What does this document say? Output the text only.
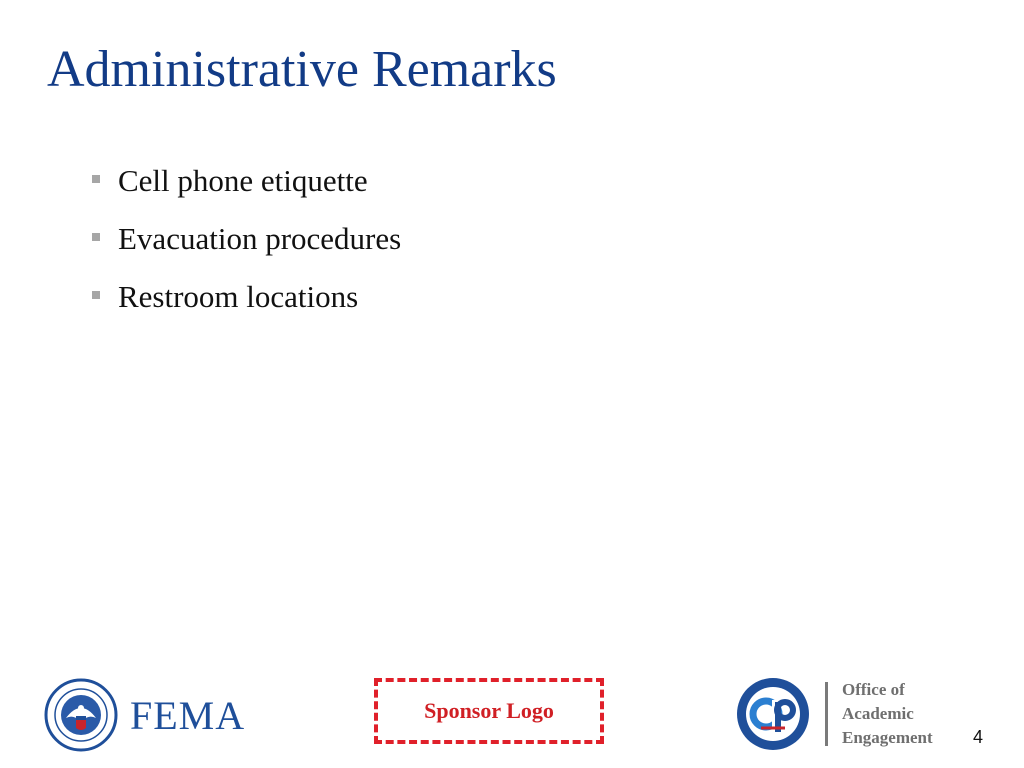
Administrative Remarks
Cell phone etiquette
Evacuation procedures
Restroom locations
FEMA	Sponsor Logo
Office of
Academic
Engagement 4
